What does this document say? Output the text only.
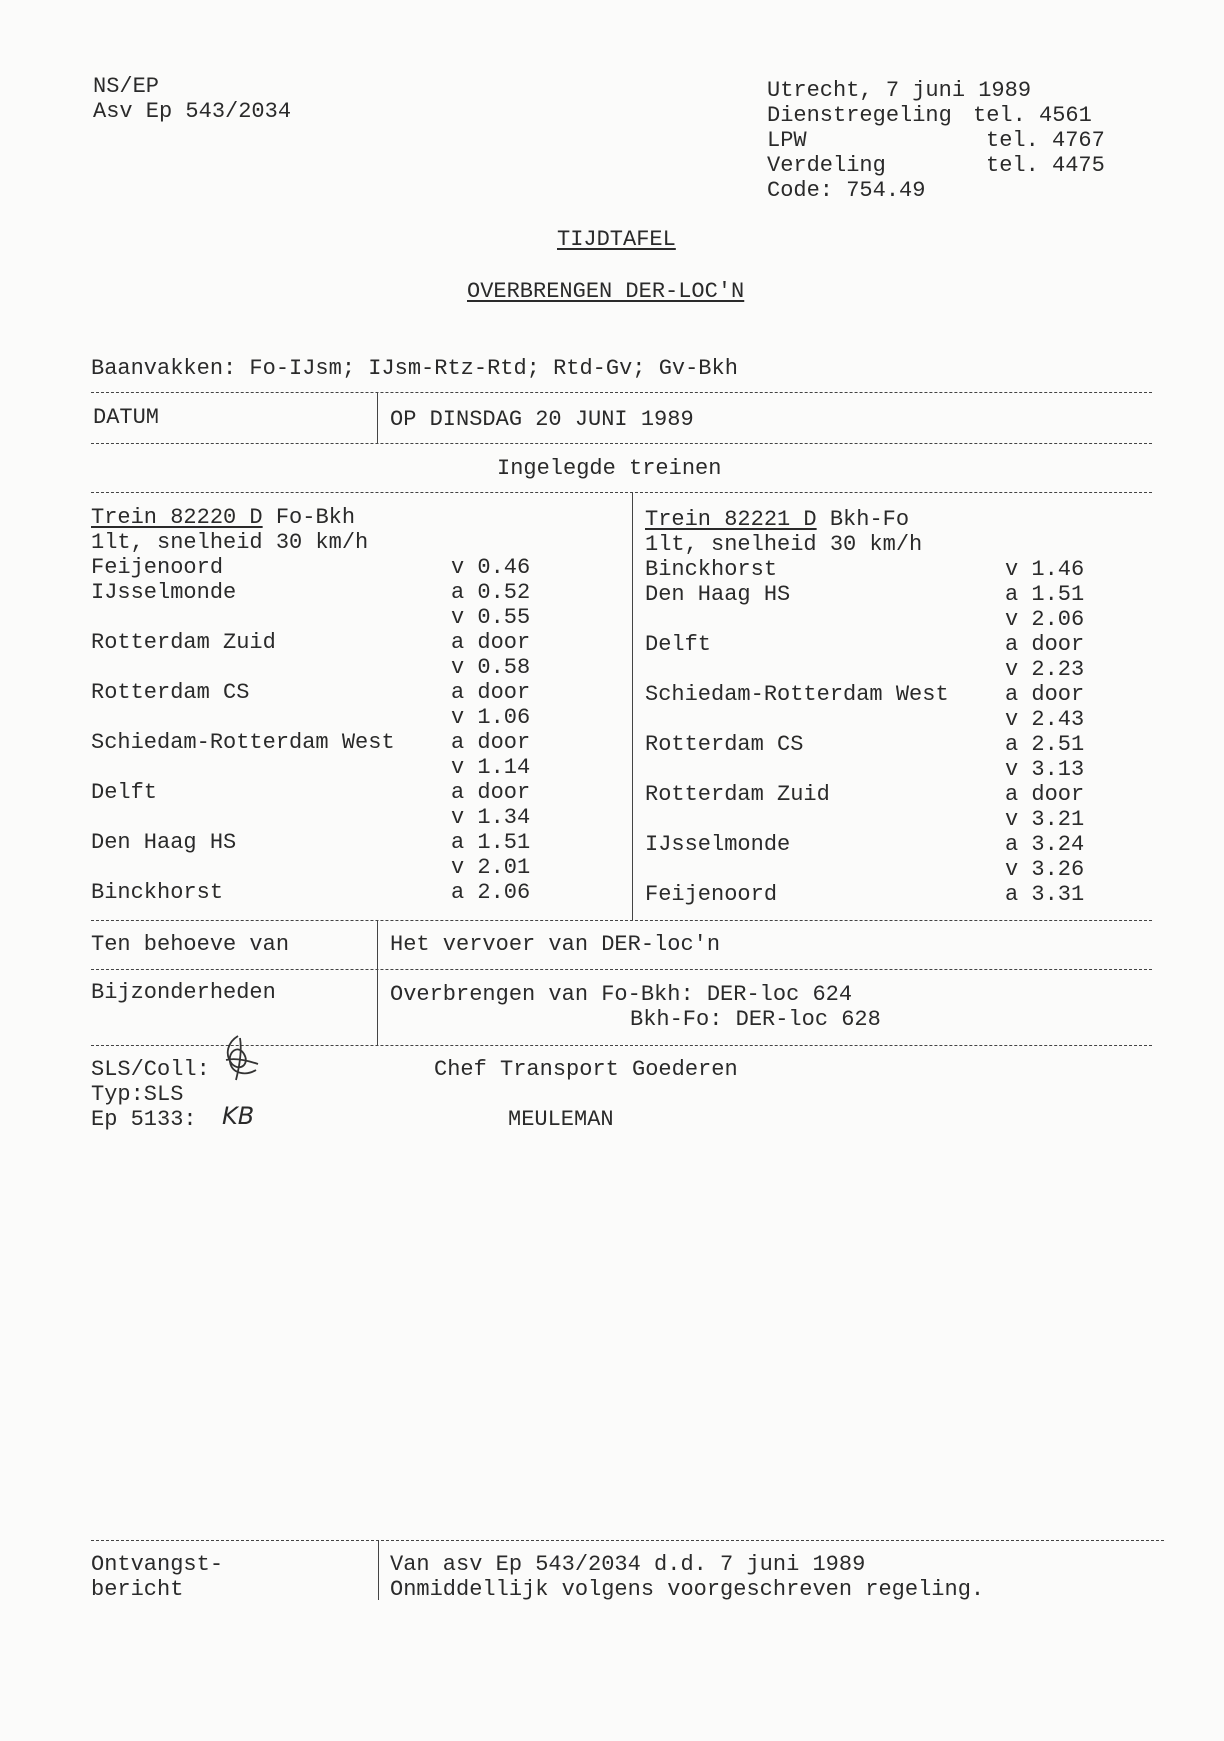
NS/EP
Asv Ep 543/2034
Utrecht, 7 juni 1989
Dienstregeling tel. 4561
LPW	tel. 4767
Verdeling	tel. 4475
Code: 754.49
TIJDTAFEL
OVERBRENGEN DER-LOC'N
Baanvakken: Fo-IJsm; IJsm-Rtz-Rtd; Rtd-Gv; Gv-Bkh
DATUM	OP DINSDAG 20 JUNI 1989
Ingelegde treinen
Trein 82220 D Fo-Bkh
1lt, snelheid 30 km/h
Feijenoord	v 0.46
IJsselmonde	a 0.52
v 0.55
Rotterdam Zuid	a door
v 0.58
Rotterdam CS	a door
v 1.06
Schiedam-Rotterdam West	a door
v 1.14
Delft	a door
v 1.34
Den Haag HS	a 1.51
v 2.01
Binckhorst	a 2.06
Trein 82221 D Bkh-Fo
1lt, snelheid 30 km/h
Binckhorst	v 1.46
Den Haag HS	a 1.51
v 2.06
Delft	a door
v 2.23
Schiedam-Rotterdam West	a door
v 2.43
Rotterdam CS	a 2.51
v 3.13
Rotterdam Zuid	a door
v 3.21
IJsselmonde	a 3.24
v 3.26
Feijenoord	a 3.31
Ten behoeve van	Het vervoer van DER-loc'n
Bijzonderheden	Overbrengen van Fo-Bkh: DER-loc 624
Bkh-Fo: DER-loc 628
SLS/Coll:
Typ:SLS
Ep 5133: KB
Chef Transport Goederen
MEULEMAN
Ontvangst-
bericht
Van asv Ep 543/2034 d.d. 7 juni 1989
Onmiddellijk volgens voorgeschreven regeling.
